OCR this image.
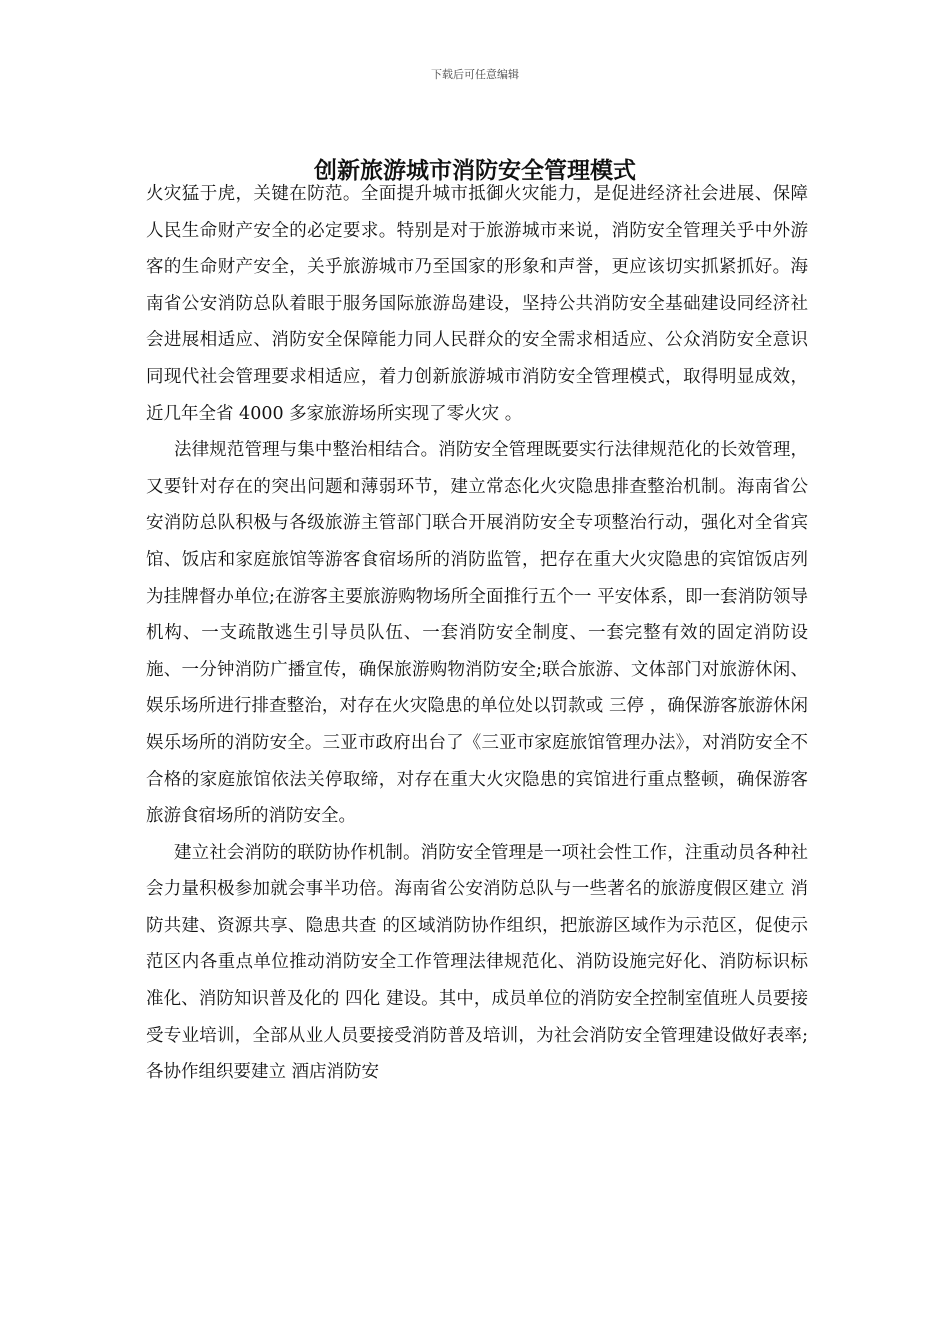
下载后可任意编辑
创新旅游城市消防安全管理模式

火灾猛于虎，关键在防范。全面提升城市抵御火灾能力，是促进经济社会进展、保障人民生命财产安全的必定要求。特别是对于旅游城市来说，消防安全管理关乎中外游客的生命财产安全，关乎旅游城市乃至国家的形象和声誉，更应该切实抓紧抓好。海南省公安消防总队着眼于服务国际旅游岛建设，坚持公共消防安全基础建设同经济社会进展相适应、消防安全保障能力同人民群众的安全需求相适应、公众消防安全意识同现代社会管理要求相适应，着力创新旅游城市消防安全管理模式，取得明显成效，近几年全省 4000 多家旅游场所实现了零火灾 。

法律规范管理与集中整治相结合。消防安全管理既要实行法律规范化的长效管理，又要针对存在的突出问题和薄弱环节，建立常态化火灾隐患排查整治机制。海南省公安消防总队积极与各级旅游主管部门联合开展消防安全专项整治行动，强化对全省宾馆、饭店和家庭旅馆等游客食宿场所的消防监管，把存在重大火灾隐患的宾馆饭店列为挂牌督办单位;在游客主要旅游购物场所全面推行五个一 平安体系，即一套消防领导机构、一支疏散逃生引导员队伍、一套消防安全制度、一套完整有效的固定消防设施、一分钟消防广播宣传，确保旅游购物消防安全;联合旅游、文体部门对旅游休闲、娱乐场所进行排查整治，对存在火灾隐患的单位处以罚款或 三停 ，确保游客旅游休闲娱乐场所的消防安全。三亚市政府出台了《三亚市家庭旅馆管理办法》，对消防安全不合格的家庭旅馆依法关停取缔，对存在重大火灾隐患的宾馆进行重点整顿，确保游客旅游食宿场所的消防安全。

建立社会消防的联防协作机制。消防安全管理是一项社会性工作，注重动员各种社会力量积极参加就会事半功倍。海南省公安消防总队与一些著名的旅游度假区建立 消防共建、资源共享、隐患共查 的区域消防协作组织，把旅游区域作为示范区，促使示范区内各重点单位推动消防安全工作管理法律规范化、消防设施完好化、消防标识标准化、消防知识普及化的 四化 建设。其中，成员单位的消防安全控制室值班人员要接受专业培训，全部从业人员要接受消防普及培训，为社会消防安全管理建设做好表率;各协作组织要建立 酒店消防安
